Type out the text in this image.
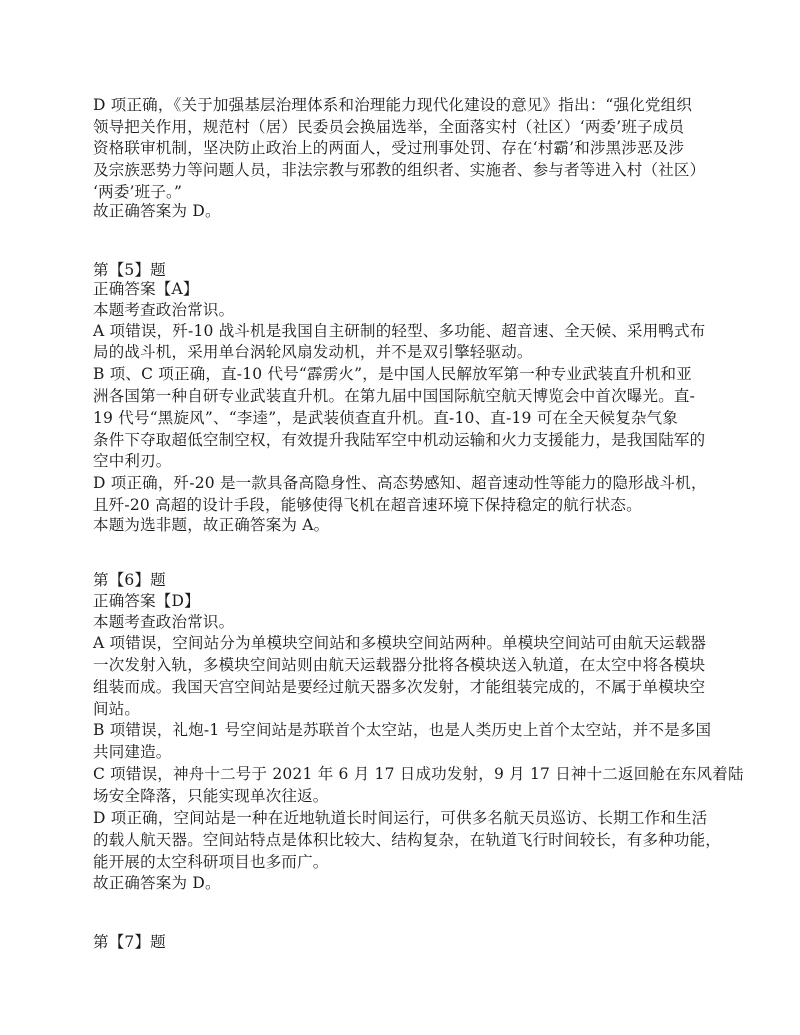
D 项正确，《关于加强基层治理体系和治理能力现代化建设的意见》指出：“强化党组织
领导把关作用，规范村（居）民委员会换届选举，全面落实村（社区）‘两委’班子成员
资格联审机制，坚决防止政治上的两面人，受过刑事处罚、存在‘村霸’和涉黑涉恶及涉
及宗族恶势力等问题人员，非法宗教与邪教的组织者、实施者、参与者等进入村（社区）
‘两委’班子。”
故正确答案为 D。
第【5】题
正确答案【A】
本题考查政治常识。
A 项错误，歼-10 战斗机是我国自主研制的轻型、多功能、超音速、全天候、采用鸭式布
局的战斗机，采用单台涡轮风扇发动机，并不是双引擎轻驱动。
B 项、C 项正确，直-10 代号“霹雳火”，是中国人民解放军第一种专业武装直升机和亚
洲各国第一种自研专业武装直升机。在第九届中国国际航空航天博览会中首次曝光。直-
19 代号“黑旋风”、“李逵”，是武装侦查直升机。直-10、直-19 可在全天候复杂气象
条件下夺取超低空制空权，有效提升我陆军空中机动运输和火力支援能力，是我国陆军的
空中利刃。
D 项正确，歼-20 是一款具备高隐身性、高态势感知、超音速动性等能力的隐形战斗机，
且歼-20 高超的设计手段，能够使得飞机在超音速环境下保持稳定的航行状态。
本题为选非题，故正确答案为 A。
第【6】题
正确答案【D】
本题考查政治常识。
A 项错误，空间站分为单模块空间站和多模块空间站两种。单模块空间站可由航天运载器
一次发射入轨，多模块空间站则由航天运载器分批将各模块送入轨道，在太空中将各模块
组装而成。我国天宫空间站是要经过航天器多次发射，才能组装完成的，不属于单模块空
间站。
B 项错误，礼炮-1 号空间站是苏联首个太空站，也是人类历史上首个太空站，并不是多国
共同建造。
C 项错误，神舟十二号于 2021 年 6 月 17 日成功发射，9 月 17 日神十二返回舱在东风着陆
场安全降落，只能实现单次往返。
D 项正确，空间站是一种在近地轨道长时间运行，可供多名航天员巡访、长期工作和生活
的载人航天器。空间站特点是体积比较大、结构复杂，在轨道飞行时间较长，有多种功能，
能开展的太空科研项目也多而广。
故正确答案为 D。
第【7】题
